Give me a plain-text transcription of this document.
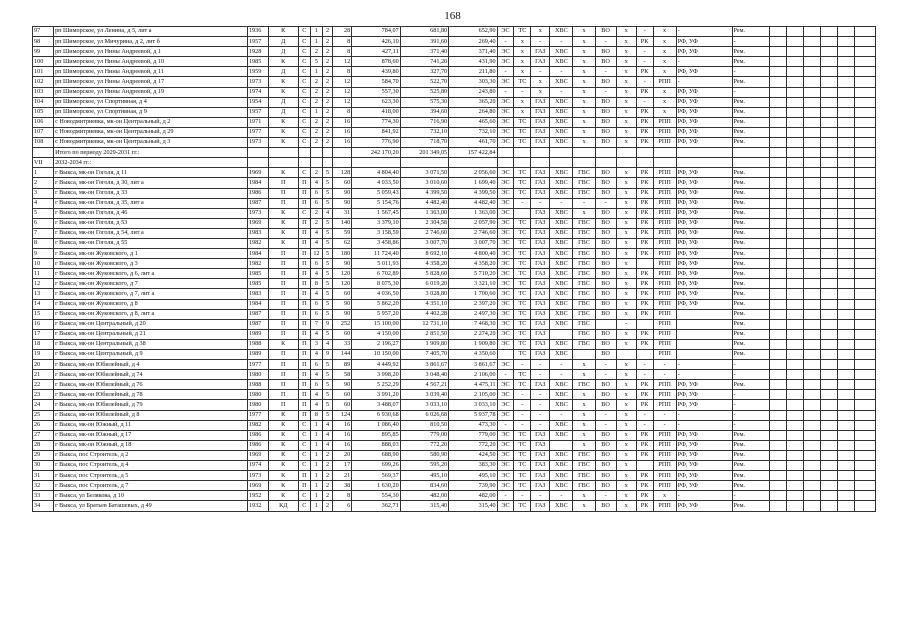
168
97	рп Шиморское, ул Ленина, д 5, лит а	1936	К	С	1	2	28	784,07	681,80	652,90	ЭС	ТС	х	ХВС	х	ВО	х	-	х	-	Рем.						
98	рп Шиморское, ул Мичурина, д 2, лит б	1957	Д	С	1	2	8	426,10	391,60	269,40	-	х	-	-	х	-	х	РК	х	РФ, УФ	-						
99	рп Шиморское, ул Нины Андреевой, д 1	1928	Д	С	2	2	8	427,11	371,40	371,40	ЭС	х	ГАЗ	ХВС	х	ВО	х	-	х	РФ, УФ	Рем.						
100	рп Шиморское, ул Нины Андреевой, д 10	1985	К	С	5	2	12	878,60	741,20	431,90	ЭС	х	ГАЗ	ХВС	х	ВО	х	-	х	-	Рем.						
101	рп Шиморское, ул Нины Андреевой, д 11	1959	Д	С	1	2	8	439,80	327,70	211,80	-	х	-	-	х	-	х	РК	х	РФ, УФ	-						
102	рп Шиморское, ул Нины Андреевой, д 17	1973	К	С	2	2	12	584,70	522,70	303,30	ЭС	ТС	х	ХВС	х	ВО	х	-	РПП	-	Рем.						
103	рп Шиморское, ул Нины Андреевой, д 19	1974	К	С	2	2	12	557,30	525,80	243,80	-	-	х	-	х	-	х	РК	х	РФ, УФ	-						
104	рп Шиморское, ул Спортивная, д 4	1954	Д	С	2	2	12	623,30	575,30	365,20	ЭС	х	ГАЗ	ХВС	х	ВО	х	-	х	РФ, УФ	Рем.						
105	рп Шиморское, ул Спортивная, д 9	1957	Д	С	1	2	8	418,00	394,60	264,80	ЭС	х	ГАЗ	ХВС	х	ВО	х	РК	х	РФ, УФ	Рем.						
106	с Новодмитриевка, мк-он Центральный, д 2	1971	К	С	2	2	16	774,30	716,90	465,60	ЭС	ТС	ГАЗ	ХВС	х	ВО	х	РК	РПП	РФ, УФ	Рем.						
107	с Новодмитриевка, мк-он Центральный, д 29	1977	К	С	2	2	16	841,92	732,10	732,10	ЭС	ТС	ГАЗ	ХВС	х	ВО	х	РК	РПП	РФ, УФ	Рем.						
108	с Новодмитриевка, мк-он Центральный, д 3	1973	К	С	2	2	16	776,90	718,70	461,70	ЭС	ТС	ГАЗ	ХВС	х	ВО	х	РК	РПП	РФ, УФ	Рем.						
	Итого по периоду 2029-2031 гг.:							242 170,20	201 349,05	157 422,84																	
VII	2032-2034 гг.:																										
1	г Выкса, мк-он Гоголя, д 11	1969	К	С	2	5	128	4 804,40	3 071,50	2 056,60	ЭС	ТС	ГАЗ	ХВС	ГВС	ВО	х	РК	РПП	РФ, УФ	Рем.						
2	г Выкса, мк-он Гоголя, д 30, лит а	1984	П	П	4	5	60	4 033,50	3 010,60	1 699,40	ЭС	ТС	ГАЗ	ХВС	ГВС	ВО	х	РК	РПП	РФ, УФ	Рем.						
3	г Выкса, мк-он Гоголя, д 33	1986	П	П	6	5	90	5 059,43	4 399,50	4 399,50	ЭС	ТС	ГАЗ	ХВС	ГВС	ВО	х	РК	РПП	РФ, УФ	Рем.						
4	г Выкса, мк-он Гоголя, д 35, лит а	1987	П	П	6	5	90	5 154,76	4 482,40	4 482,40	ЭС	-	-	-	-	-	х	РК	РПП	РФ, УФ	Рем.						
5	г Выкса, мк-он Гоголя, д 46	1973	К	С	2	4	31	1 567,45	1 363,00	1 363,00	ЭС		ГАЗ	ХВС	х	ВО	х	РК	РПП	РФ, УФ	Рем.						
6	г Выкса, мк-он Гоголя, д 53	1969	К	П	2	5	140	3 379,10	2 304,58	2 057,90	ЭС	ТС	ГАЗ	ХВС	ГВС	ВО	х	РК	РПП	РФ, УФ	Рем.						
7	г Выкса, мк-он Гоголя, д 54, лит а	1983	К	П	4	5	59	3 158,59	2 746,60	2 746,60	ЭС	ТС	ГАЗ	ХВС	ГВС	ВО	х	РК	РПП	РФ, УФ	Рем.						
8	г Выкса, мк-он Гоголя, д 55	1982	К	П	4	5	62	3 458,86	3 007,70	3 007,70	ЭС	ТС	ГАЗ	ХВС	ГВС	ВО	х	РК	РПП	РФ, УФ	Рем.						
9	г Выкса, мк-он Жуковского, д 1	1984	П	П	12	5	180	11 724,40	8 692,10	4 800,40	ЭС	ТС	ГАЗ	ХВС	ГВС	ВО	х	РК	РПП	РФ, УФ	Рем.						
10	г Выкса, мк-он Жуковского, д 3	1982	П	П	6	5	90	5 011,93	4 358,20	4 358,20	ЭС	ТС	ГАЗ	ХВС	ГВС	ВО	х		РПП	РФ, УФ	Рем.						
11	г Выкса, мк-он Жуковского, д 6, лит а	1985	П	П	4	5	120	6 702,89	5 828,60	5 710,20	ЭС	ТС	ГАЗ	ХВС	ГВС	ВО	х	РК	РПП	РФ, УФ	Рем.						
12	г Выкса, мк-он Жуковского, д 7	1985	П	П	8	5	120	8 075,30	6 019,20	3 321,10	ЭС	ТС	ГАЗ	ХВС	ГВС	ВО	х	РК	РПП	РФ, УФ	Рем.						
13	г Выкса, мк-он Жуковского, д 7, лит а	1983	П	П	4	5	60	4 036,50	3 028,80	1 700,60	ЭС	ТС	ГАЗ	ХВС	ГВС	ВО	х	РК	РПП	РФ, УФ	Рем.						
14	г Выкса, мк-он Жуковского, д 8	1984	П	П	6	5	90	5 862,20	4 351,10	2 397,20	ЭС	ТС	ГАЗ	ХВС	ГВС	ВО	х	РК	РПП	РФ, УФ	Рем.						
15	г Выкса, мк-он Жуковского, д 8, лит а	1987	П	П	6	5	90	5 957,20	4 402,28	2 497,30	ЭС	ТС	ГАЗ	ХВС	ГВС	ВО	х	РК	РПП		Рем.						
16	г Выкса, мк-он Центральный, д 20	1987	П	П	7	9	252	15 100,00	12 731,10	7 468,30	ЭС	ТС	ГАЗ	ХВС	ГВС		-		РПП		Рем.						
17	г Выкса, мк-он Центральный, д 21	1989	П	П	4	5	60	4 150,00	2 851,50	2 274,20	ЭС	ТС	ГАЗ		ГВС	ВО	х	РК	РПП		Рем.						
18	г Выкса, мк-он Центральный, д 38	1988	К	П	3	4	33	2 196,27	1 909,80	1 909,80	ЭС	ТС	ГАЗ	ХВС	ГВС	ВО	х	РК	РПП		Рем.						
19	г Выкса, мк-он Центральный, д 9	1989	П	П	4	9	144	10 150,00	7 405,70	4 350,60		ТС	ГАЗ	ХВС		ВО			РПП		Рем.						
20	г Выкса, мк-он Юбилейный, д 4	1977	П	П	6	5	89	4 449,92	3 861,67	3 861,67	ЭС	-	-	-	х	-	х	-	-	-	-						
21	г Выкса, мк-он Юбилейный, д 74	1980	П	П	4	5	58	3 998,20	3 048,40	2 106,00	-	ТС	-	-	х	-	х	-	-	-	-						
22	г Выкса, мк-он Юбилейный, д 76	1988	П	П	6	5	90	5 252,29	4 567,21	4 475,11	ЭС	ТС	ГАЗ	ХВС	ГВС	ВО	х	РК	РПП	РФ, УФ	Рем.						
23	г Выкса, мк-он Юбилейный, д 78	1980	П	П	4	5	60	3 991,20	3 039,40	2 105,00	ЭС	-	-	ХВС	х	ВО	х	РК	РПП	РФ, УФ	-						
24	г Выкса, мк-он Юбилейный, д 79	1980	П	П	4	5	60	3 488,07	3 033,10	3 033,10	ЭС	-	-	ХВС	х	ВО	х	РК	РПП	РФ, УФ	-						
25	г Выкса, мк-он Юбилейный, д 8	1977	К	П	8	5	124	6 930,68	6 026,68	5 937,78	ЭС	-	-	-	х	-	х	-	-	-	-						
26	г Выкса, мк-он Южный, д 11	1982	К	С	1	4	16	1 086,40	810,50	473,30	-	-	-	ХВС	х	-	х	-	-	-	-						
27	г Выкса, мк-он Южный, д 17	1986	К	С	1	4	16	895,85	779,00	779,00	ЭС	ТС	ГАЗ	ХВС	х	ВО	х	РК	РПП	РФ, УФ	Рем.						
28	г Выкса, мк-он Южный, д 18	1986	К	С	1	4	16	888,03	772,20	772,20	ЭС	ТС	ГАЗ		х	ВО	х	РК	РПП	РФ, УФ	Рем.						
29	г Выкса, пос Строитель, д 2	1969	К	С	1	2	20	688,90	580,90	424,50	ЭС	ТС	ГАЗ	ХВС	ГВС	ВО	х	РК	РПП	РФ, УФ	Рем.						
30	г Выкса, пос Строитель, д 4	1974	К	С	1	2	17	699,26	595,20	383,30	ЭС	ТС	ГАЗ	ХВС	ГВС	ВО	х		РПП	РФ, УФ	Рем.						
31	г Выкса, пос Строитель, д 5	1973	К	П	1	2	21	569,37	495,10	495,10	ЭС	ТС	ГАЗ	ХВС	ГВС	ВО	х	РК	РПП	РФ, УФ	Рем.						
32	г Выкса, пос Строитель, д 7	1969	К	П	1	2	38	1 630,20	834,60	739,90	ЭС	ТС	ГАЗ	ХВС	ГВС	ВО	х	РК	РПП	РФ, УФ	Рем.						
33	г Выкса, ул Белякова, д 10	1952	К	С	1	2	8	554,30	482,00	482,00	-	-	-	-	х	-	х	РК	х	-	-						
34	г Выкса, ул Братьев Баташевых, д 49	1932	КД	С	1	2	6	362,71	315,40	315,40	ЭС	ТС	ГАЗ	ХВС	х	ВО	х	РК	РПП	РФ, УФ	Рем.						
